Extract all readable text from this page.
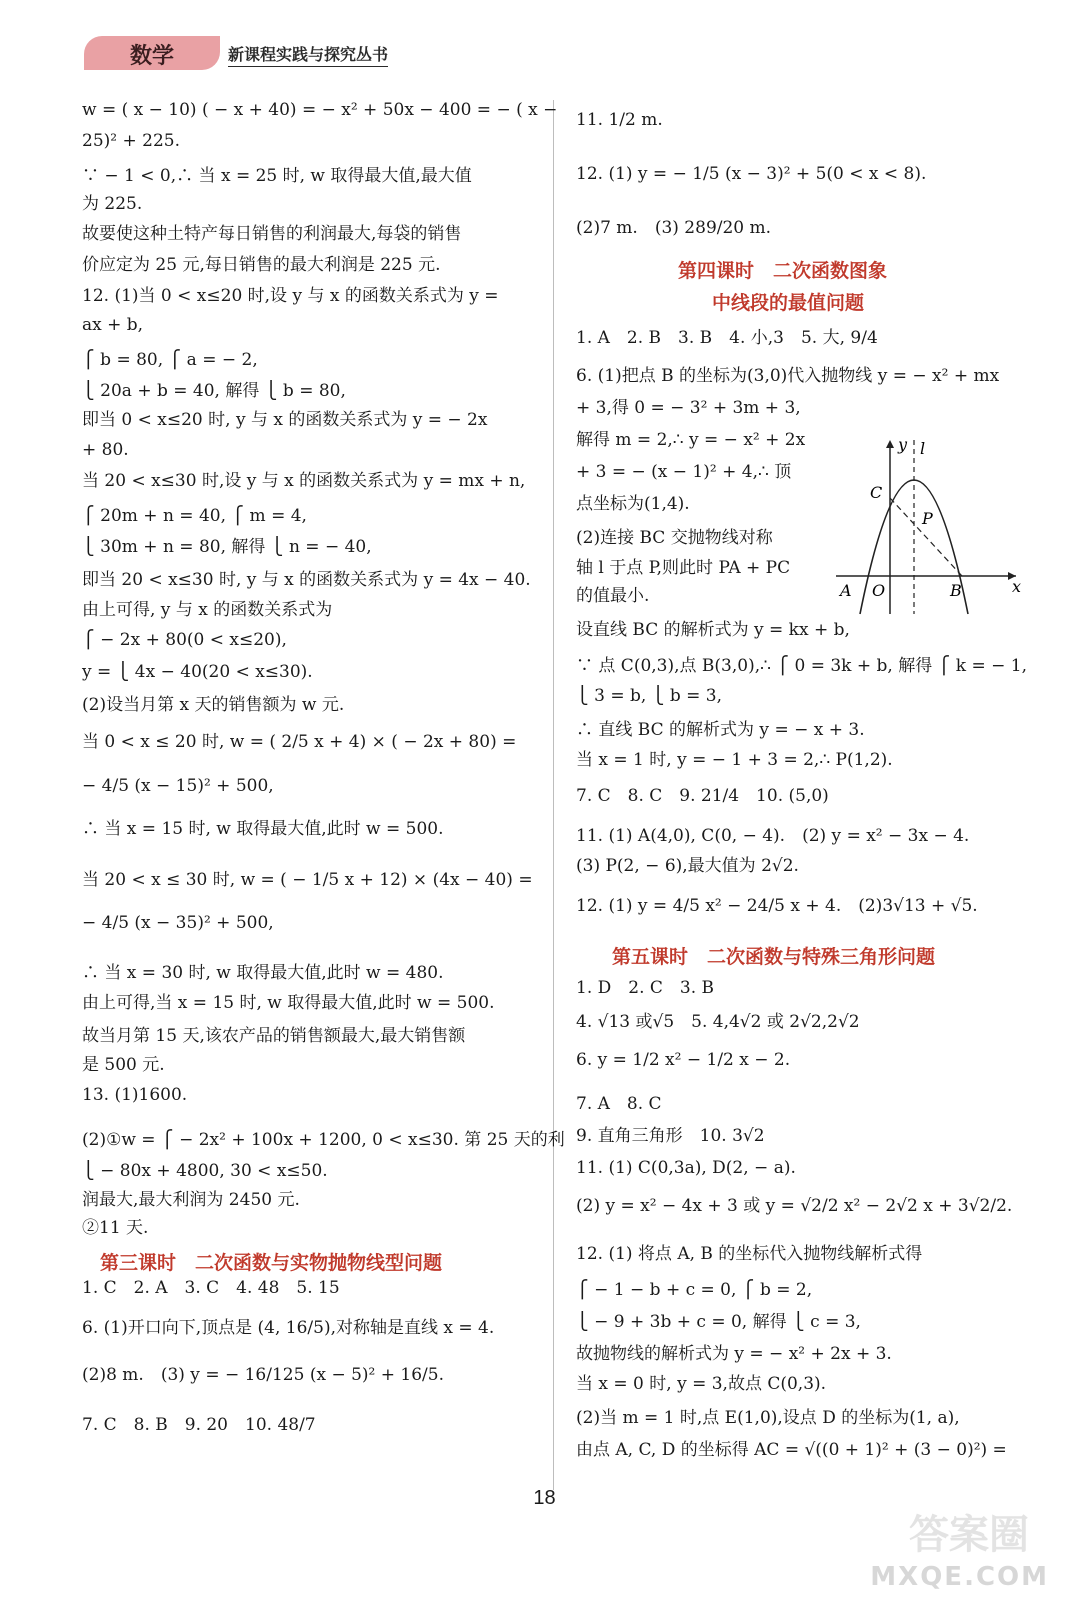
数学	新课程实践与探究丛书
w = ( x − 10) ( − x + 40) = − x² + 50x − 400 = − ( x −
25)² + 225.
∵ − 1 < 0,∴ 当 x = 25 时, w 取得最大值,最大值
为 225.
故要使这种土特产每日销售的利润最大,每袋的销售
价应定为 25 元,每日销售的最大利润是 225 元.
12. (1)当 0 < x≤20 时,设 y 与 x 的函数关系式为 y =
ax + b,
⎧ b = 80, ⎧ a = − 2,
⎩ 20a + b = 40, 解得 ⎩ b = 80,
即当 0 < x≤20 时, y 与 x 的函数关系式为 y = − 2x
+ 80.
当 20 < x≤30 时,设 y 与 x 的函数关系式为 y = mx + n,
⎧ 20m + n = 40, ⎧ m = 4,
⎩ 30m + n = 80, 解得 ⎩ n = − 40,
即当 20 < x≤30 时, y 与 x 的函数关系式为 y = 4x − 40.
由上可得, y 与 x 的函数关系式为
⎧ − 2x + 80(0 < x≤20),
y = ⎩ 4x − 40(20 < x≤30).
(2)设当月第 x 天的销售额为 w 元.
当 0 < x ≤ 20 时, w = ( 2/5 x + 4) × ( − 2x + 80) =
− 4/5 (x − 15)² + 500,
∴ 当 x = 15 时, w 取得最大值,此时 w = 500.
当 20 < x ≤ 30 时, w = ( − 1/5 x + 12) × (4x − 40) =
− 4/5 (x − 35)² + 500,
∴ 当 x = 30 时, w 取得最大值,此时 w = 480.
由上可得,当 x = 15 时, w 取得最大值,此时 w = 500.
故当月第 15 天,该农产品的销售额最大,最大销售额
是 500 元.
13. (1)1600.
(2)①w = ⎧ − 2x² + 100x + 1200, 0 < x≤30. 第 25 天的利
⎩ − 80x + 4800, 30 < x≤50.
润最大,最大利润为 2450 元.
②11 天.
第三课时　二次函数与实物抛物线型问题
1. C　2. A　3. C　4. 48　5. 15
6. (1)开口向下,顶点是 (4, 16/5),对称轴是直线 x = 4.
(2)8 m.　(3) y = − 16/125 (x − 5)² + 16/5.
7. C　8. B　9. 20　10. 48/7
11. 1/2 m.
12. (1) y = − 1/5 (x − 3)² + 5(0 < x < 8).
(2)7 m.　(3) 289/20 m.
第四课时　二次函数图象
中线段的最值问题
1. A　2. B　3. B　4. 小,3　5. 大, 9/4
6. (1)把点 B 的坐标为(3,0)代入抛物线 y = − x² + mx
+ 3,得 0 = − 3² + 3m + 3,
解得 m = 2,∴ y = − x² + 2x
+ 3 = − (x − 1)² + 4,∴ 顶
点坐标为(1,4).
(2)连接 BC 交抛物线对称
轴 l 于点 P,则此时 PA + PC
的值最小.
设直线 BC 的解析式为 y = kx + b,
∵ 点 C(0,3),点 B(3,0),∴ ⎧ 0 = 3k + b, 解得 ⎧ k = − 1,
⎩ 3 = b, ⎩ b = 3,
∴ 直线 BC 的解析式为 y = − x + 3.
当 x = 1 时, y = − 1 + 3 = 2,∴ P(1,2).
7. C　8. C　9. 21/4　10. (5,0)
11. (1) A(4,0), C(0, − 4).　(2) y = x² − 3x − 4.
(3) P(2, − 6),最大值为 2√2.
12. (1) y = 4/5 x² − 24/5 x + 4.　(2)3√13 + √5.
第五课时　二次函数与特殊三角形问题
1. D　2. C　3. B
4. √13 或√5　5. 4,4√2 或 2√2,2√2
6. y = 1/2 x² − 1/2 x − 2.
7. A　8. C
9. 直角三角形　10. 3√2
11. (1) C(0,3a), D(2, − a).
(2) y = x² − 4x + 3 或 y = √2/2 x² − 2√2 x + 3√2/2.
12. (1) 将点 A, B 的坐标代入抛物线解析式得
⎧ − 1 − b + c = 0, ⎧ b = 2,
⎩ − 9 + 3b + c = 0, 解得 ⎩ c = 3,
故抛物线的解析式为 y = − x² + 2x + 3.
当 x = 0 时, y = 3,故点 C(0,3).
(2)当 m = 1 时,点 E(1,0),设点 D 的坐标为(1, a),
由点 A, C, D 的坐标得 AC = √((0 + 1)² + (3 − 0)²) =
y l
C
P
A O	B	x
18
答案圈
MXQE.COM
